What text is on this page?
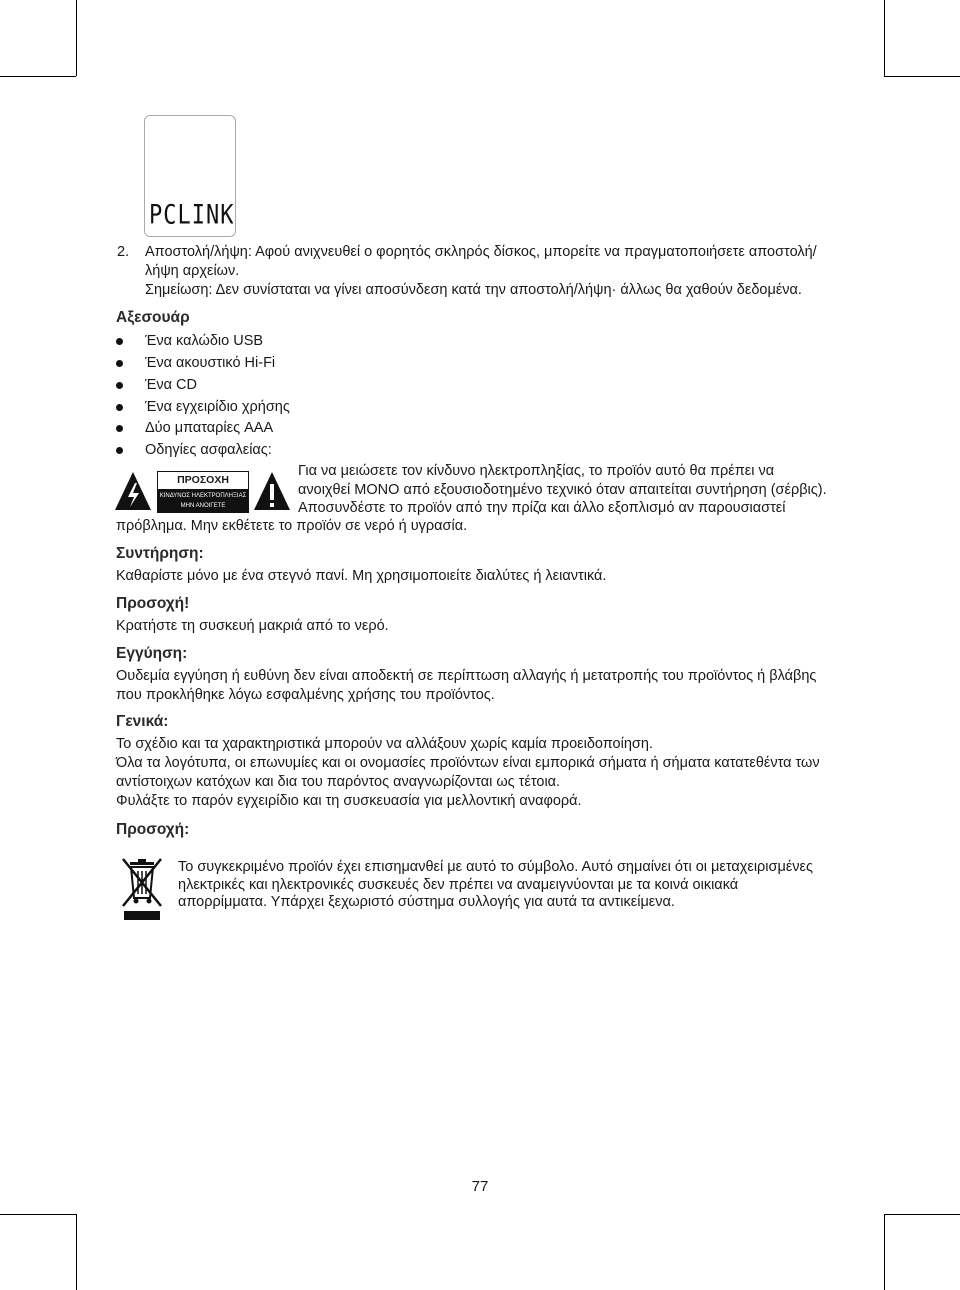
PCLINK
2. Αποστολή/λήψη: Αφού ανιχνευθεί ο φορητός σκληρός δίσκος, μπορείτε να πραγματοποιήσετε αποστολή/
λήψη αρχείων.
Σημείωση: Δεν συνίσταται να γίνει αποσύνδεση κατά την αποστολή/λήψη· άλλως θα χαθούν δεδομένα.
Αξεσουάρ
Ένα καλώδιο USB
Ένα ακουστικό Hi-Fi
Ένα CD
Ένα εγχειρίδιο χρήσης
Δύο μπαταρίες AAA
Οδηγίες ασφαλείας:
ΠΡΟΣΟΧΗ
ΚΙΝΔΥΝΟΣ ΗΛΕΚΤΡΟΠΛΗΞΙΑΣ
ΜΗΝ ΑΝΟΙΓΕΤΕ
Για να μειώσετε τον κίνδυνο ηλεκτροπληξίας, το προϊόν αυτό θα πρέπει να
ανοιχθεί ΜΟΝΟ από εξουσιοδοτημένο τεχνικό όταν απαιτείται συντήρηση (σέρβις).
Αποσυνδέστε το προϊόν από την πρίζα και άλλο εξοπλισμό αν παρουσιαστεί
πρόβλημα. Μην εκθέτετε το προϊόν σε νερό ή υγρασία.
Συντήρηση:
Καθαρίστε μόνο με ένα στεγνό πανί. Μη χρησιμοποιείτε διαλύτες ή λειαντικά.
Προσοχή!
Κρατήστε τη συσκευή μακριά από το νερό.
Εγγύηση:
Ουδεμία εγγύηση ή ευθύνη δεν είναι αποδεκτή σε περίπτωση αλλαγής ή μετατροπής του προϊόντος ή βλάβης
που προκλήθηκε λόγω εσφαλμένης χρήσης του προϊόντος.
Γενικά:
Το σχέδιο και τα χαρακτηριστικά μπορούν να αλλάξουν χωρίς καμία προειδοποίηση.
Όλα τα λογότυπα, οι επωνυμίες και οι ονομασίες προϊόντων είναι εμπορικά σήματα ή σήματα κατατεθέντα των
αντίστοιχων κατόχων και δια του παρόντος αναγνωρίζονται ως τέτοια.
Φυλάξτε το παρόν εγχειρίδιο και τη συσκευασία για μελλοντική αναφορά.
Προσοχή:
Το συγκεκριμένο προϊόν έχει επισημανθεί με αυτό το σύμβολο. Αυτό σημαίνει ότι οι μεταχειρισμένες
ηλεκτρικές και ηλεκτρονικές συσκευές δεν πρέπει να αναμειγνύονται με τα κοινά οικιακά
απορρίμματα. Υπάρχει ξεχωριστό σύστημα συλλογής για αυτά τα αντικείμενα.
77
